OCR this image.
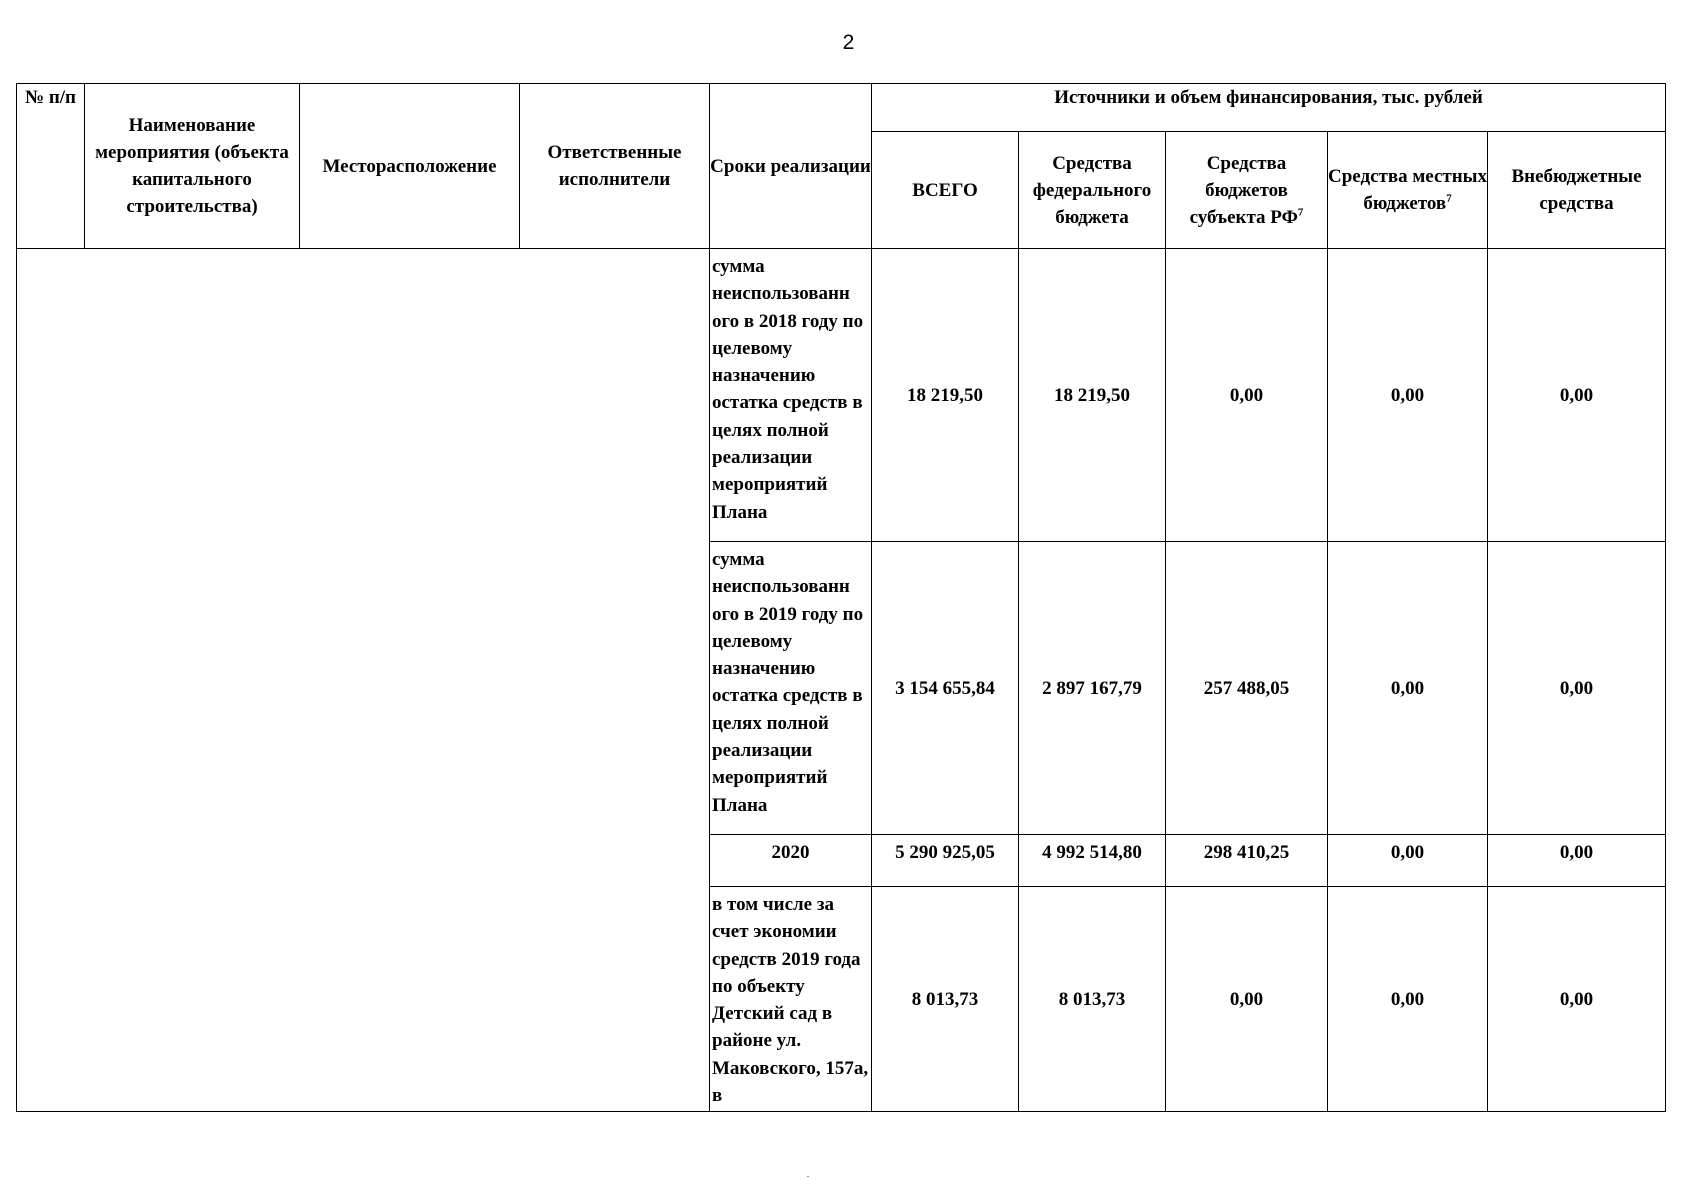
2
№ п/п	Наименование мероприятия (объекта капитального строительства)	Месторасположение	Ответственные исполнители	Сроки реализации	Источники и объем финансирования, тыс. рублей				
					ВСЕГО	Средства федерального бюджета	Средства бюджетов субъекта $РФ^7$	Средства местных бюджетов$^7$	Внебюджетные средства
				сумма неиспользованн ого в 2018 году по целевому назначению остатка средств в целях полной реализации мероприятий Плана	18 219,50	18 219,50	0,00	0,00	0,00
				сумма неиспользованн ого в 2019 году по целевому назначению остатка средств в целях полной реализации мероприятий Плана	3 154 655,84	2 897 167,79	257 488,05	0,00	0,00
				2020	5 290 925,05	4 992 514,80	298 410,25	0,00	0,00
				в том числе за счет экономии средств 2019 года по объекту Детский сад в районе ул. Маковского, 157а, в	8 013,73	8 013,73	0,00	0,00	0,00
